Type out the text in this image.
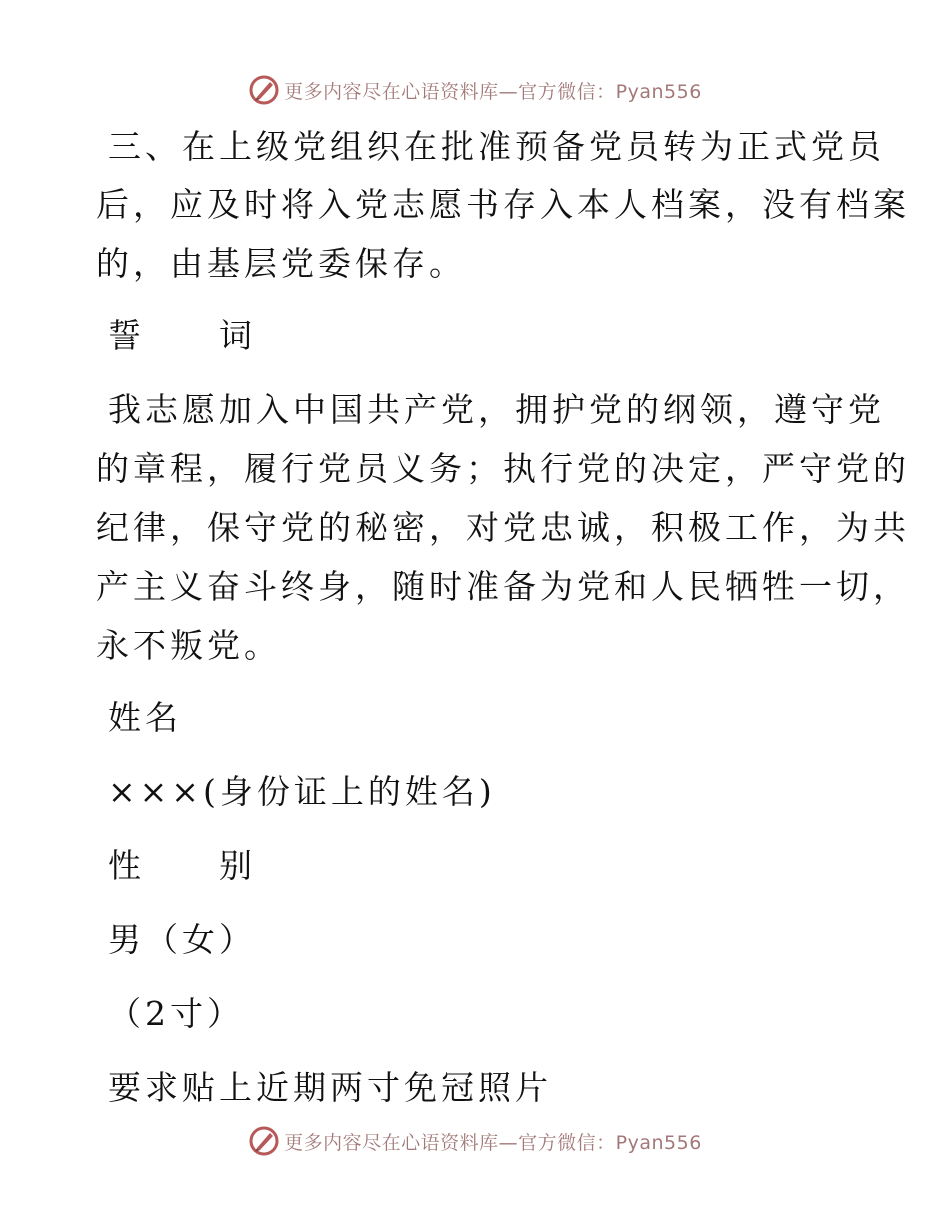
更多内容尽在心语资料库—官方微信：Pyan556
三、在上级党组织在批准预备党员转为正式党员
后，应及时将入党志愿书存入本人档案，没有档案
的，由基层党委保存。
誓　　词
我志愿加入中国共产党，拥护党的纲领，遵守党
的章程，履行党员义务；执行党的决定，严守党的
纪律，保守党的秘密，对党忠诚，积极工作，为共
产主义奋斗终身，随时准备为党和人民牺牲一切，
永不叛党。
姓名
×××(身份证上的姓名)
性　　别
男（女）
（2寸）
要求贴上近期两寸免冠照片
更多内容尽在心语资料库—官方微信：Pyan556
